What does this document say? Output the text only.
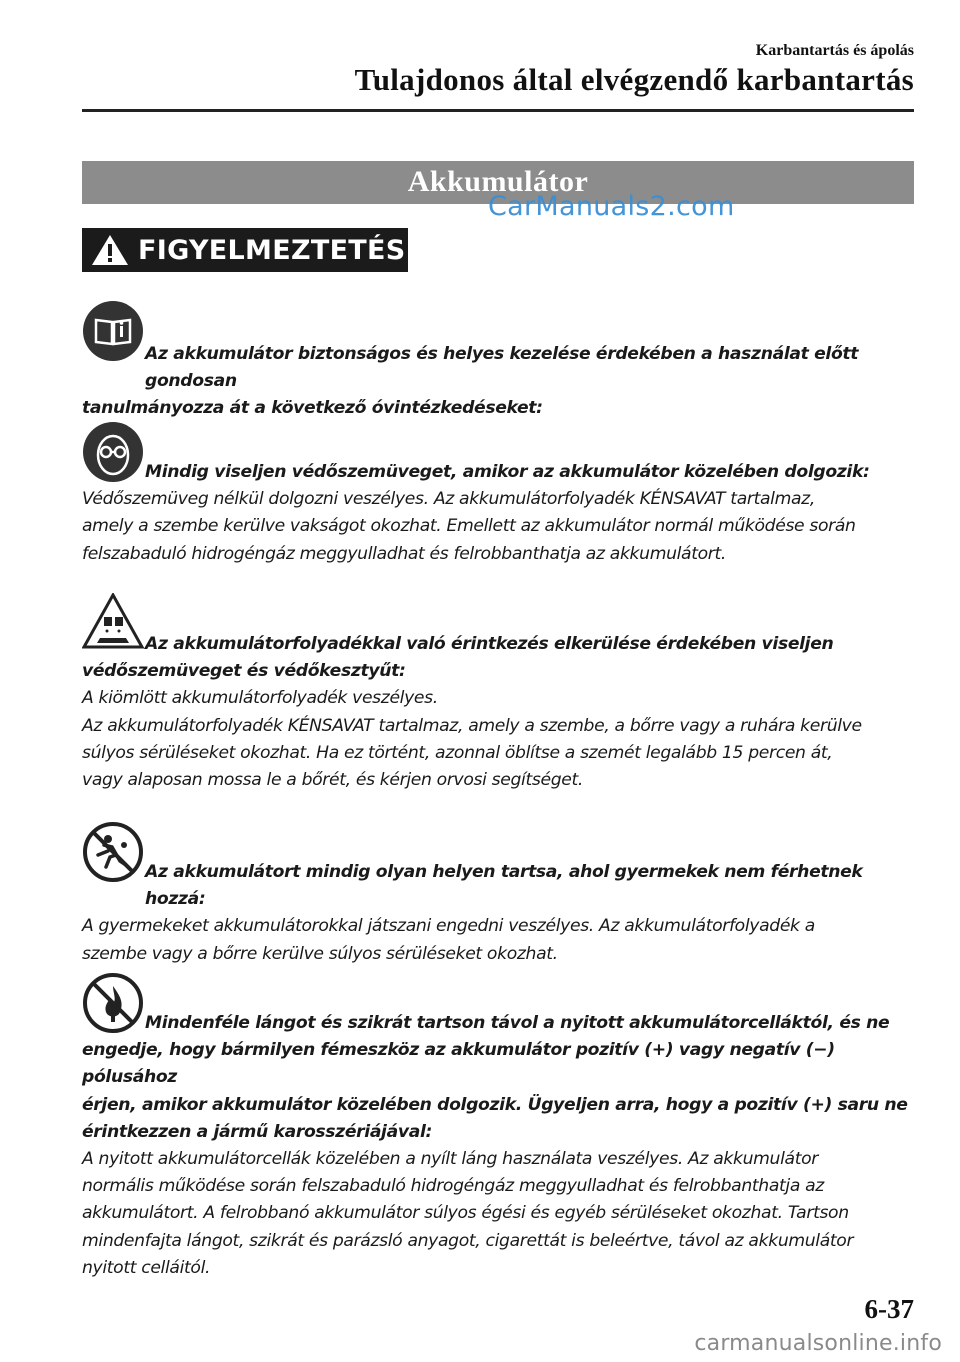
Karbantartás és ápolás
Tulajdonos által elvégzendő karbantartás
Akkumulátor
CarManuals2.com
FIGYELMEZTETÉS
Az akkumulátor biztonságos és helyes kezelése érdekében a használat előtt gondosan
tanulmányozza át a következő óvintézkedéseket:
Mindig viseljen védőszemüveget, amikor az akkumulátor közelében dolgozik:
Védőszemüveg nélkül dolgozni veszélyes. Az akkumulátorfolyadék KÉNSAVAT tartalmaz,
amely a szembe kerülve vakságot okozhat. Emellett az akkumulátor normál működése során
felszabaduló hidrogéngáz meggyulladhat és felrobbanthatja az akkumulátort.
Az akkumulátorfolyadékkal való érintkezés elkerülése érdekében viseljen
védőszemüveget és védőkesztyűt:
A kiömlött akkumulátorfolyadék veszélyes.
Az akkumulátorfolyadék KÉNSAVAT tartalmaz, amely a szembe, a bőrre vagy a ruhára kerülve
súlyos sérüléseket okozhat. Ha ez történt, azonnal öblítse a szemét legalább 15 percen át,
vagy alaposan mossa le a bőrét, és kérjen orvosi segítséget.
Az akkumulátort mindig olyan helyen tartsa, ahol gyermekek nem férhetnek hozzá:
A gyermekeket akkumulátorokkal játszani engedni veszélyes. Az akkumulátorfolyadék a
szembe vagy a bőrre kerülve súlyos sérüléseket okozhat.
Mindenféle lángot és szikrát tartson távol a nyitott akkumulátorcelláktól, és ne
engedje, hogy bármilyen fémeszköz az akkumulátor pozitív (+) vagy negatív (−) pólusához
érjen, amikor akkumulátor közelében dolgozik. Ügyeljen arra, hogy a pozitív (+) saru ne
érintkezzen a jármű karosszériájával:
A nyitott akkumulátorcellák közelében a nyílt láng használata veszélyes. Az akkumulátor
normális működése során felszabaduló hidrogéngáz meggyulladhat és felrobbanthatja az
akkumulátort. A felrobbanó akkumulátor súlyos égési és egyéb sérüléseket okozhat. Tartson
mindenfajta lángot, szikrát és parázsló anyagot, cigarettát is beleértve, távol az akkumulátor
nyitott celláitól.
6-37
carmanualsonline.info
